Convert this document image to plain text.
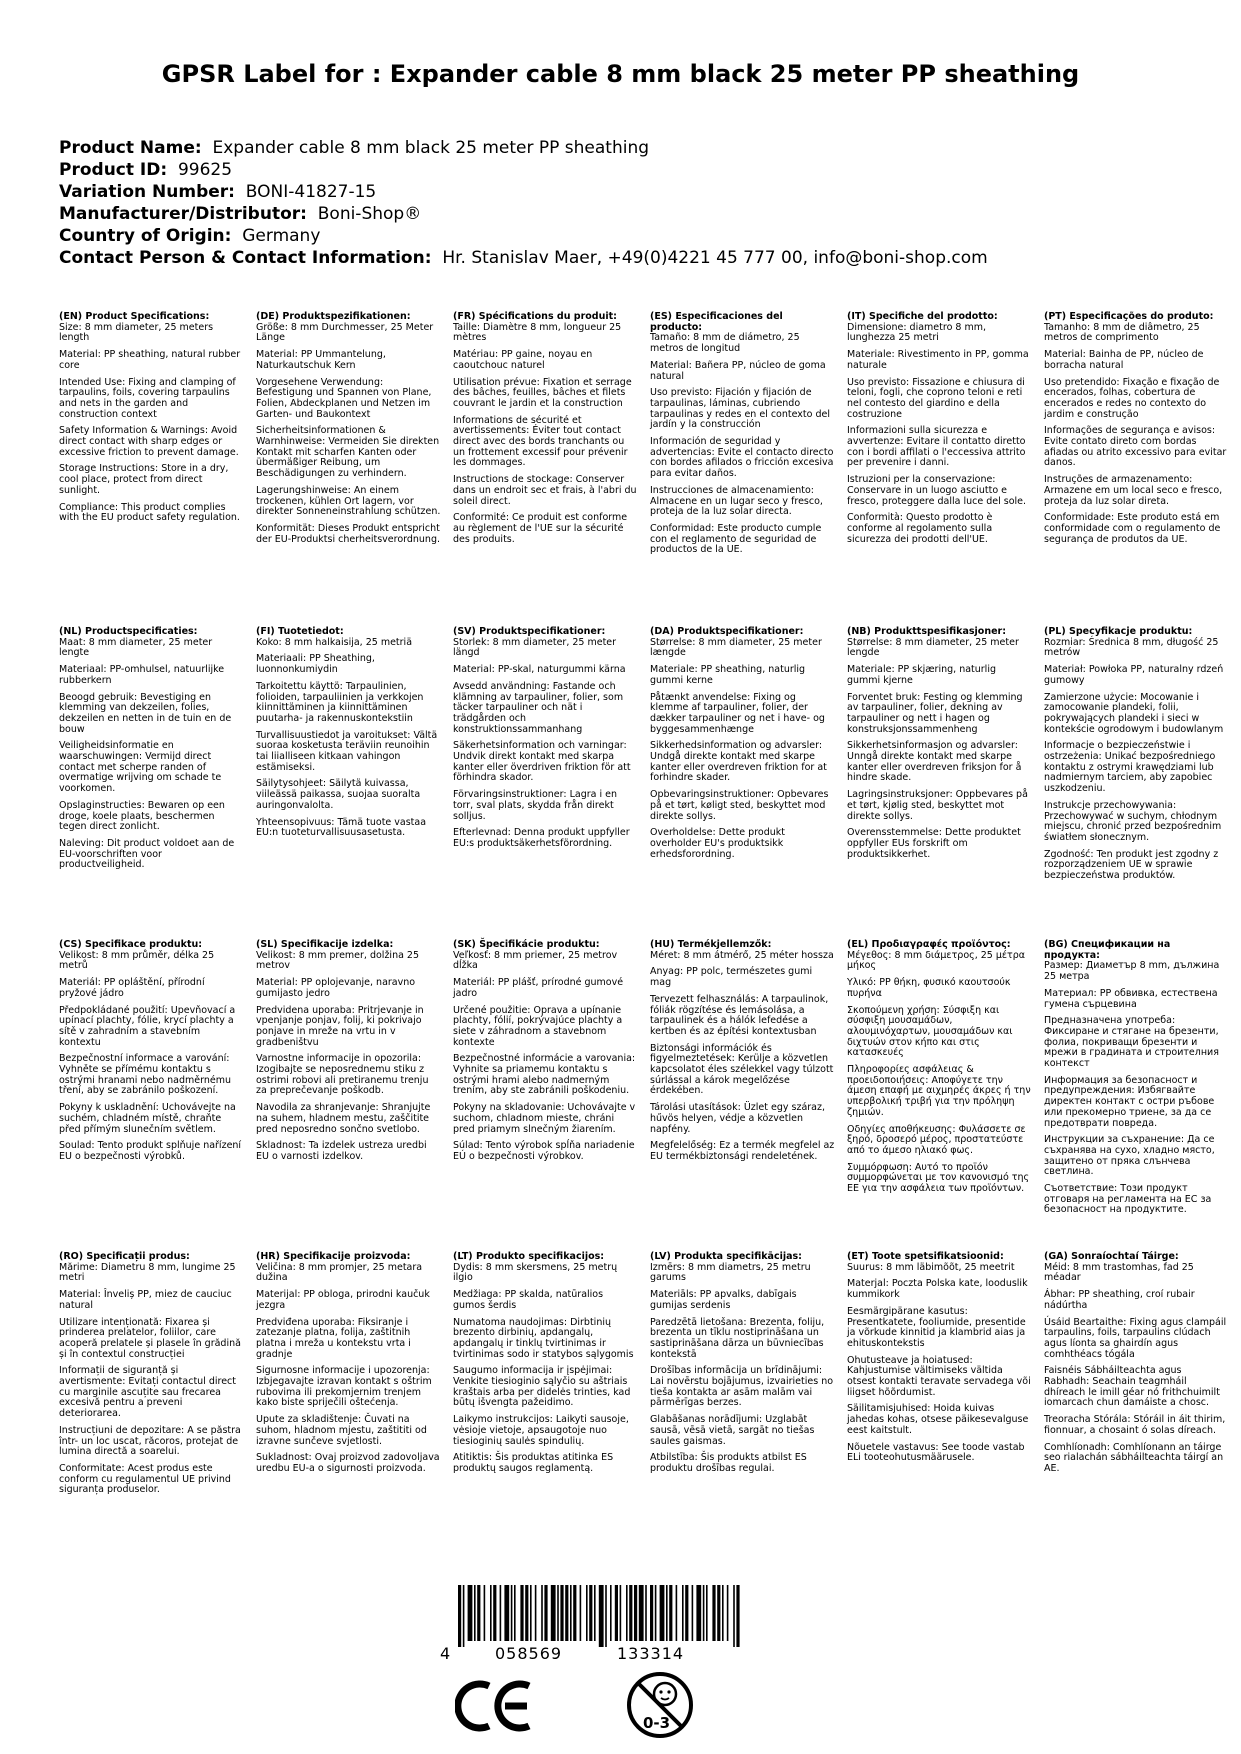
GPSR Label for : Expander cable 8 mm black 25 meter PP sheathing
Product Name: Expander cable 8 mm black 25 meter PP sheathing
Product ID: 99625
Variation Number: BONI-41827-15
Manufacturer/Distributor: Boni-Shop®
Country of Origin: Germany
Contact Person & Contact Information: Hr. Stanislav Maer, +49(0)4221 45 777 00, info@boni-shop.com
(EN) Product Specifications:
Size: 8 mm diameter, 25 meters length
Material: PP sheathing, natural rubber core
Intended Use: Fixing and clamping of tarpaulins, foils, covering tarpaulins and nets in the garden and construction context
Safety Information & Warnings: Avoid direct contact with sharp edges or excessive friction to prevent damage.
Storage Instructions: Store in a dry, cool place, protect from direct sunlight.
Compliance: This product complies with the EU product safety regulation.
(DE) Produktspezifikationen:
Größe: 8 mm Durchmesser, 25 Meter Länge
Material: PP Ummantelung, Naturkautschuk Kern
Vorgesehene Verwendung: Befestigung und Spannen von Plane, Folien, Abdeckplanen und Netzen im Garten- und Baukontext
Sicherheitsinformationen & Warnhinweise: Vermeiden Sie direkten Kontakt mit scharfen Kanten oder übermäßiger Reibung, um Beschädigungen zu verhindern.
Lagerungshinweise: An einem trockenen, kühlen Ort lagern, vor direkter Sonneneinstrahlung schützen.
Konformität: Dieses Produkt entspricht der EU-Produktsi cherheitsverordnung.
(FR) Spécifications du produit:
Taille: Diamètre 8 mm, longueur 25 mètres
Matériau: PP gaine, noyau en caoutchouc naturel
Utilisation prévue: Fixation et serrage des bâches, feuilles, bâches et filets couvrant le jardin et la construction
Informations de sécurité et avertissements: Éviter tout contact direct avec des bords tranchants ou un frottement excessif pour prévenir les dommages.
Instructions de stockage: Conserver dans un endroit sec et frais, à l'abri du soleil direct.
Conformité: Ce produit est conforme au règlement de l'UE sur la sécurité des produits.
(ES) Especificaciones del producto:
Tamaño: 8 mm de diámetro, 25 metros de longitud
Material: Bañera PP, núcleo de goma natural
Uso previsto: Fijación y fijación de tarpaulinas, láminas, cubriendo tarpaulinas y redes en el contexto del jardín y la construcción
Información de seguridad y advertencias: Evite el contacto directo con bordes afilados o fricción excesiva para evitar daños.
Instrucciones de almacenamiento: Almacene en un lugar seco y fresco, proteja de la luz solar directa.
Conformidad: Este producto cumple con el reglamento de seguridad de productos de la UE.
(IT) Specifiche del prodotto:
Dimensione: diametro 8 mm, lunghezza 25 metri
Materiale: Rivestimento in PP, gomma naturale
Uso previsto: Fissazione e chiusura di teloni, fogli, che coprono teloni e reti nel contesto del giardino e della costruzione
Informazioni sulla sicurezza e avvertenze: Evitare il contatto diretto con i bordi affilati o l'eccessiva attrito per prevenire i danni.
Istruzioni per la conservazione: Conservare in un luogo asciutto e fresco, proteggere dalla luce del sole.
Conformità: Questo prodotto è conforme al regolamento sulla sicurezza dei prodotti dell'UE.
(PT) Especificações do produto:
Tamanho: 8 mm de diâmetro, 25 metros de comprimento
Material: Bainha de PP, núcleo de borracha natural
Uso pretendido: Fixação e fixação de encerados, folhas, cobertura de encerados e redes no contexto do jardim e construção
Informações de segurança e avisos: Evite contato direto com bordas afiadas ou atrito excessivo para evitar danos.
Instruções de armazenamento: Armazene em um local seco e fresco, proteja da luz solar direta.
Conformidade: Este produto está em conformidade com o regulamento de segurança de produtos da UE.
(NL) Productspecificaties:
Maat: 8 mm diameter, 25 meter lengte
Materiaal: PP-omhulsel, natuurlijke rubberkern
Beoogd gebruik: Bevestiging en klemming van dekzeilen, folies, dekzeilen en netten in de tuin en de bouw
Veiligheidsinformatie en waarschuwingen: Vermijd direct contact met scherpe randen of overmatige wrijving om schade te voorkomen.
Opslaginstructies: Bewaren op een droge, koele plaats, beschermen tegen direct zonlicht.
Naleving: Dit product voldoet aan de EU-voorschriften voor productveiligheid.
(FI) Tuotetiedot:
Koko: 8 mm halkaisija, 25 metriä
Materiaali: PP Sheathing, luonnonkumiydin
Tarkoitettu käyttö: Tarpaulinien, folioiden, tarpauliinien ja verkkojen kiinnittäminen ja kiinnittäminen puutarha- ja rakennuskontekstiin
Turvallisuustiedot ja varoitukset: Vältä suoraa kosketusta teräviin reunoihin tai liialliseen kitkaan vahingon estämiseksi.
Säilytysohjeet: Säilytä kuivassa, viileässä paikassa, suojaa suoralta auringonvalolta.
Yhteensopivuus: Tämä tuote vastaa EU:n tuoteturvallisuusasetusta.
(SV) Produktspecifikationer:
Storlek: 8 mm diameter, 25 meter längd
Material: PP-skal, naturgummi kärna
Avsedd användning: Fastande och klämning av tarpauliner, folier, som täcker tarpauliner och nät i trädgården och konstruktionssammanhang
Säkerhetsinformation och varningar: Undvik direkt kontakt med skarpa kanter eller överdriven friktion för att förhindra skador.
Förvaringsinstruktioner: Lagra i en torr, sval plats, skydda från direkt solljus.
Efterlevnad: Denna produkt uppfyller EU:s produktsäkerhetsförordning.
(DA) Produktspecifikationer:
Størrelse: 8 mm diameter, 25 meter længde
Materiale: PP sheathing, naturlig gummi kerne
Påtænkt anvendelse: Fixing og klemme af tarpauliner, folier, der dækker tarpauliner og net i have- og byggesammenhænge
Sikkerhedsinformation og advarsler: Undgå direkte kontakt med skarpe kanter eller overdreven friktion for at forhindre skader.
Opbevaringsinstruktioner: Opbevares på et tørt, køligt sted, beskyttet mod direkte sollys.
Overholdelse: Dette produkt overholder EU's produktsikk erhedsforordning.
(NB) Produkttspesifikasjoner:
Størrelse: 8 mm diameter, 25 meter lengde
Materiale: PP skjæring, naturlig gummi kjerne
Forventet bruk: Festing og klemming av tarpauliner, folier, dekning av tarpauliner og nett i hagen og konstruksjonssammenheng
Sikkerhetsinformasjon og advarsler: Unngå direkte kontakt med skarpe kanter eller overdreven friksjon for å hindre skade.
Lagringsinstruksjoner: Oppbevares på et tørt, kjølig sted, beskyttet mot direkte sollys.
Overensstemmelse: Dette produktet oppfyller EUs forskrift om produktsikkerhet.
(PL) Specyfikacje produktu:
Rozmiar: Średnica 8 mm, długość 25 metrów
Materiał: Powłoka PP, naturalny rdzeń gumowy
Zamierzone użycie: Mocowanie i zamocowanie plandeki, folii, pokrywających plandeki i sieci w kontekście ogrodowym i budowlanym
Informacje o bezpieczeństwie i ostrzeżenia: Unikać bezpośredniego kontaktu z ostrymi krawędziami lub nadmiernym tarciem, aby zapobiec uszkodzeniu.
Instrukcje przechowywania: Przechowywać w suchym, chłodnym miejscu, chronić przed bezpośrednim światłem słonecznym.
Zgodność: Ten produkt jest zgodny z rozporządzeniem UE w sprawie bezpieczeństwa produktów.
(CS) Specifikace produktu:
Velikost: 8 mm průměr, délka 25 metrů
Materiál: PP opláštění, přírodní pryžové jádro
Předpokládané použití: Upevňovací a upínací plachty, fólie, krycí plachty a sítě v zahradním a stavebním kontextu
Bezpečnostní informace a varování: Vyhněte se přímému kontaktu s ostrými hranami nebo nadměrnému tření, aby se zabránilo poškození.
Pokyny k uskladnění: Uchovávejte na suchém, chladném místě, chraňte před přímým slunečním světlem.
Soulad: Tento produkt splňuje nařízení EU o bezpečnosti výrobků.
(SL) Specifikacije izdelka:
Velikost: 8 mm premer, dolžina 25 metrov
Material: PP oplojevanje, naravno gumijasto jedro
Predvidena uporaba: Pritrjevanje in vpenjanje ponjav, folij, ki pokrivajo ponjave in mreže na vrtu in v gradbeništvu
Varnostne informacije in opozorila: Izogibajte se neposrednemu stiku z ostrimi robovi ali pretiranemu trenju za preprečevanje poškodb.
Navodila za shranjevanje: Shranjujte na suhem, hladnem mestu, zaščitite pred neposredno sončno svetlobo.
Skladnost: Ta izdelek ustreza uredbi EU o varnosti izdelkov.
(SK) Špecifikácie produktu:
Veľkosť: 8 mm priemer, 25 metrov dĺžka
Materiál: PP plášť, prírodné gumové jadro
Určené použitie: Oprava a upínanie plachty, fólií, pokrývajúce plachty a siete v záhradnom a stavebnom kontexte
Bezpečnostné informácie a varovania: Vyhnite sa priamemu kontaktu s ostrými hrami alebo nadmerným trením, aby ste zabránili poškodeniu.
Pokyny na skladovanie: Uchovávajte v suchom, chladnom mieste, chráni pred priamym slnečným žiarením.
Súlad: Tento výrobok spĺňa nariadenie EÚ o bezpečnosti výrobkov.
(HU) Termékjellemzők:
Méret: 8 mm átmérő, 25 méter hossza
Anyag: PP polc, természetes gumi mag
Tervezett felhasználás: A tarpaulinok, fóliák rögzítése és lemásolása, a tarpaulinek és a hálók lefedése a kertben és az építési kontextusban
Biztonsági információk és figyelmeztetések: Kerülje a közvetlen kapcsolatot éles szélekkel vagy túlzott súrlással a károk megelőzése érdekében.
Tárolási utasítások: Üzlet egy száraz, hűvös helyen, védje a közvetlen napfény.
Megfelelőség: Ez a termék megfelel az EU termékbiztonsági rendeletének.
(EL) Προδιαγραφές προϊόντος:
Μέγεθος: 8 mm διάμετρος, 25 μέτρα μήκος
Υλικό: PP θήκη, φυσικό καουτσούκ πυρήνα
Σκοπούμενη χρήση: Σύσφιξη και σύσφιξη μουσαμάδων, αλουμινόχαρτων, μουσαμάδων και διχτυών στον κήπο και στις κατασκευές
Πληροφορίες ασφάλειας & προειδοποιήσεις: Αποφύγετε την άμεση επαφή με αιχμηρές άκρες ή την υπερβολική τριβή για την πρόληψη ζημιών.
Οδηγίες αποθήκευσης: Φυλάσσετε σε ξηρό, δροσερό μέρος, προστατεύστε από το άμεσο ηλιακό φως.
Συμμόρφωση: Αυτό το προϊόν συμμορφώνεται με τον κανονισμό της ΕΕ για την ασφάλεια των προϊόντων.
(BG) Спецификации на продукта:
Размер: Диаметър 8 mm, дължина 25 метра
Материал: PP обвивка, естествена гумена сърцевина
Предназначена употреба: Фиксиране и стягане на брезенти, фолиа, покриващи брезенти и мрежи в градината и строителния контекст
Информация за безопасност и предупреждения: Избягвайте директен контакт с остри ръбове или прекомерно триене, за да се предотврати повреда.
Инструкции за съхранение: Да се съхранява на сухо, хладно място, защитено от пряка слънчева светлина.
Съответствие: Този продукт отговаря на регламента на ЕС за безопасност на продуктите.
(RO) Specificații produs:
Mărime: Diametru 8 mm, lungime 25 metri
Material: Înveliș PP, miez de cauciuc natural
Utilizare intenționată: Fixarea și prinderea prelatelor, foliilor, care acoperă prelatele și plasele în grădină și în contextul construcției
Informații de siguranță și avertismente: Evitați contactul direct cu marginile ascuțite sau frecarea excesivă pentru a preveni deteriorarea.
Instrucțiuni de depozitare: A se păstra într- un loc uscat, răcoros, protejat de lumina directă a soarelui.
Conformitate: Acest produs este conform cu regulamentul UE privind siguranța produselor.
(HR) Specifikacije proizvoda:
Veličina: 8 mm promjer, 25 metara dužina
Materijal: PP obloga, prirodni kaučuk jezgra
Predviđena uporaba: Fiksiranje i zatezanje platna, folija, zaštitnih platna i mreža u kontekstu vrta i gradnje
Sigurnosne informacije i upozorenja: Izbjegavajte izravan kontakt s oštrim rubovima ili prekomjernim trenjem kako biste spriječili oštećenja.
Upute za skladištenje: Čuvati na suhom, hladnom mjestu, zaštititi od izravne sunčeve svjetlosti.
Sukladnost: Ovaj proizvod zadovoljava uredbu EU-a o sigurnosti proizvoda.
(LT) Produkto specifikacijos:
Dydis: 8 mm skersmens, 25 metrų ilgio
Medžiaga: PP skalda, natūralios gumos šerdis
Numatoma naudojimas: Dirbtinių brezento dirbinių, apdangalų, apdangalų ir tinklų tvirtinimas ir tvirtinimas sodo ir statybos sąlygomis
Saugumo informacija ir įspėjimai: Venkite tiesioginio sąlyčio su aštriais kraštais arba per didelės trinties, kad būtų išvengta pažeidimo.
Laikymo instrukcijos: Laikyti sausoje, vėsioje vietoje, apsaugotoje nuo tiesioginių saulės spindulių.
Atitiktis: Šis produktas atitinka ES produktų saugos reglamentą.
(LV) Produkta specifikācijas:
Izmērs: 8 mm diametrs, 25 metru garums
Materiāls: PP apvalks, dabīgais gumijas serdenis
Paredzētā lietošana: Brezenta, foliju, brezenta un tīklu nostiprināšana un sastiprināšana dārza un būvniecības kontekstā
Drošības informācija un brīdinājumi: Lai novērstu bojājumus, izvairieties no tieša kontakta ar asām malām vai pārmērīgas berzes.
Glabāšanas norādījumi: Uzglabāt sausā, vēsā vietā, sargāt no tiešas saules gaismas.
Atbilstība: Šis produkts atbilst ES produktu drošības regulai.
(ET) Toote spetsifikatsioonid:
Suurus: 8 mm läbimõõt, 25 meetrit
Materjal: Poczta Polska kate, looduslik kummikork
Eesmärgipärane kasutus: Presentkatete, fooliumide, presentide ja võrkude kinnitid ja klambrid aias ja ehituskontekstis
Ohutusteave ja hoiatused: Kahjustumise vältimiseks vältida otsest kontakti teravate servadega või liigset hõõrdumist.
Säilitamisjuhised: Hoida kuivas jahedas kohas, otsese päikesevalguse eest kaitstult.
Nõuetele vastavus: See toode vastab ELi tooteohutusmäärusele.
(GA) Sonraíochtaí Táirge:
Méid: 8 mm trastomhas, fad 25 méadar
Ábhar: PP sheathing, croí rubair nádúrtha
Úsáid Beartaithe: Fixing agus clampáil tarpaulins, foils, tarpaulins clúdach agus líonta sa ghairdín agus comhthéacs tógála
Faisnéis Sábháilteachta agus Rabhadh: Seachain teagmháil dhíreach le imill géar nó frithchuimilt iomarcach chun damáiste a chosc.
Treoracha Stórála: Stóráil in áit thirim, fionnuar, a chosaint ó solas díreach.
Comhlíonadh: Comhlíonann an táirge seo rialachán sábháilteachta táirgí an AE.
4	058569	133314
0-3
